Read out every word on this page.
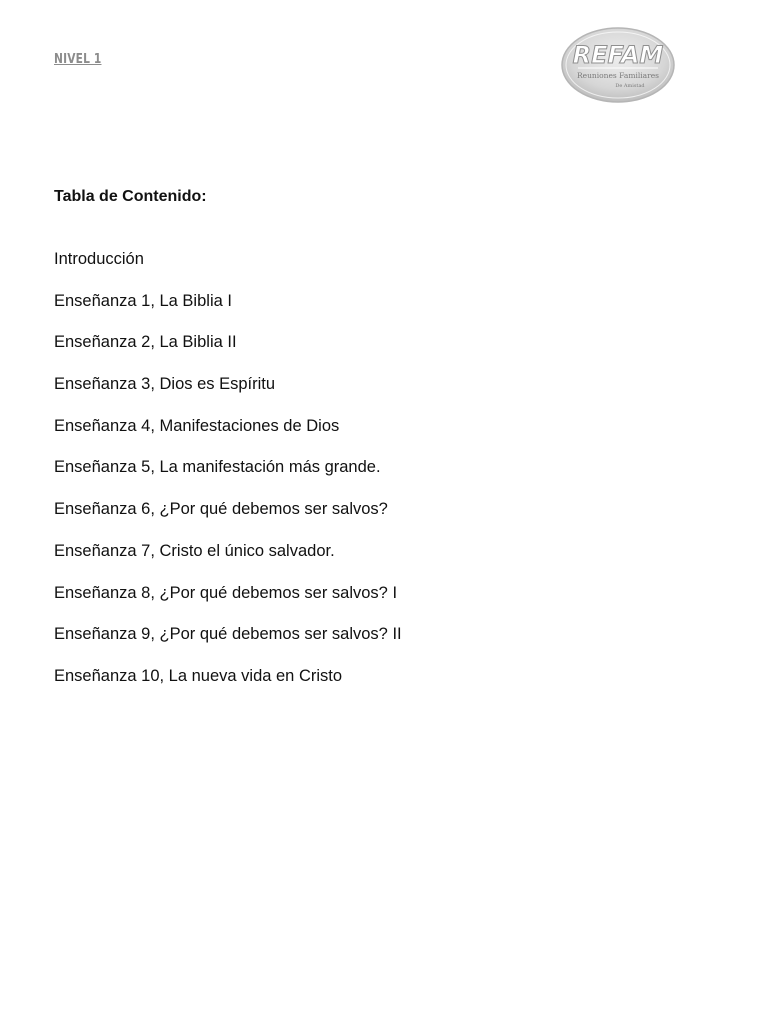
NIVEL 1	REFAM
Reuniones Familiares
De Amistad
Tabla de Contenido:
Introducción
Enseñanza 1, La Biblia I
Enseñanza 2, La Biblia II
Enseñanza 3, Dios es Espíritu
Enseñanza 4, Manifestaciones de Dios
Enseñanza 5, La manifestación más grande.
Enseñanza 6, ¿Por qué debemos ser salvos?
Enseñanza 7, Cristo el único salvador.
Enseñanza 8, ¿Por qué debemos ser salvos? I
Enseñanza 9, ¿Por qué debemos ser salvos? II
Enseñanza 10, La nueva vida en Cristo
